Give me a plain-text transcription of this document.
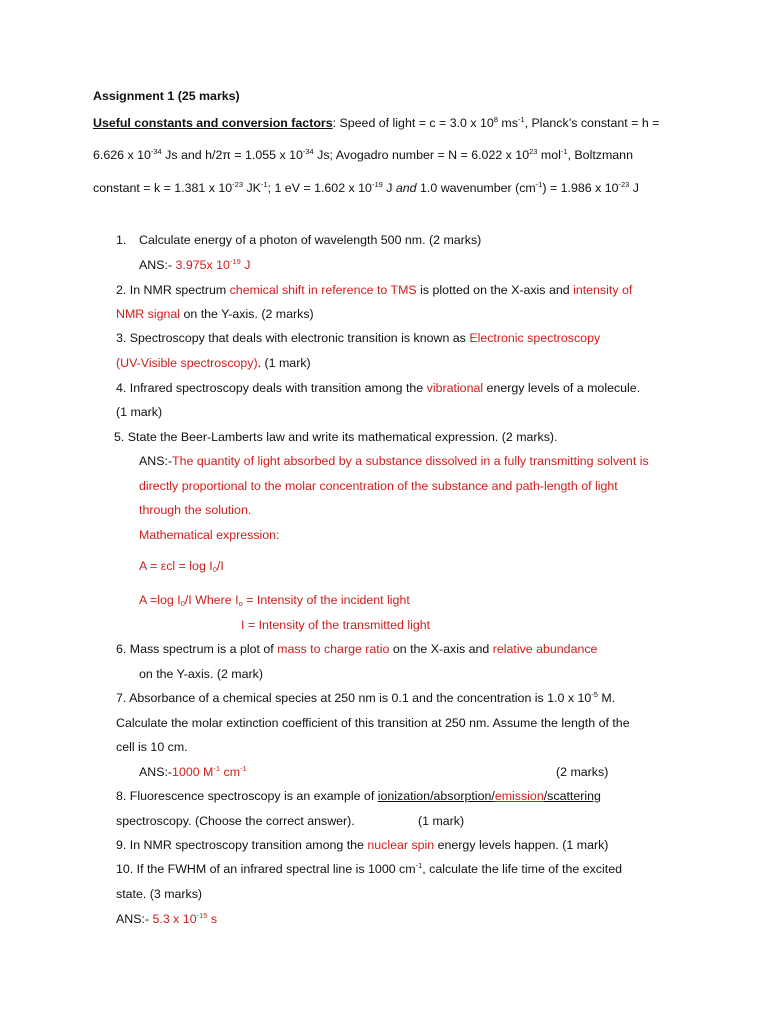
Assignment 1 (25 marks)
Useful constants and conversion factors: Speed of light = c = 3.0 x $10^8$ $ms^{-1}$, Planck’s constant = h =
6.626 x $10^{-34}$ Js and h/2π = 1.055 x $10^{-34}$ Js; Avogadro number = N = 6.022 x $10^{23}$ mol$^{-1}$, Boltzmann
constant = k = 1.381 x $10^{-23}$ $JK^{-1}$; 1 eV = 1.602 x $10^{-19}$ J and 1.0 wavenumber $(cm^{-1}) = 1.986$ x $10^{-23}$ J
1. Calculate energy of a photon of wavelength 500 nm. (2 marks)
ANS:- 3.975x $10^{-19}$ J
2. In NMR spectrum chemical shift in reference to TMS is plotted on the X-axis and intensity of
NMR signal on the Y-axis. (2 marks)
3. Spectroscopy that deals with electronic transition is known as Electronic spectroscopy
(UV-Visible spectroscopy). (1 mark)
4. Infrared spectroscopy deals with transition among the vibrational energy levels of a molecule.
(1 mark)
5. State the Beer-Lamberts law and write its mathematical expression. (2 marks).
ANS:-The quantity of light absorbed by a substance dissolved in a fully transmitting solvent is
directly proportional to the molar concentration of the substance and path-length of light
through the solution.
Mathematical expression:
$A = \varepsilon cl = \log I_0/I$
A =log $I_0/I$ Where $I_o$ = Intensity of the incident light
I = Intensity of the transmitted light
6. Mass spectrum is a plot of mass to charge ratio on the X-axis and relative abundance
on the Y-axis. (2 mark)
7. Absorbance of a chemical species at 250 nm is 0.1 and the concentration is 1.0 x $10^{-5}$ M.
Calculate the molar extinction coefficient of this transition at 250 nm. Assume the length of the
cell is 10 cm.
ANS:-1000 $M^{-1}$ $cm^{-1}$	(2 marks)
8. Fluorescence spectroscopy is an example of ionization/absorption/emission/scattering
spectroscopy. (Choose the correct answer).	(1 mark)
9. In NMR spectroscopy transition among the nuclear spin energy levels happen. (1 mark)
10. If the FWHM of an infrared spectral line is 1000 $cm^{-1}$, calculate the life time of the excited
state. (3 marks)
ANS:- 5.3 x $10^{-15}$ s
